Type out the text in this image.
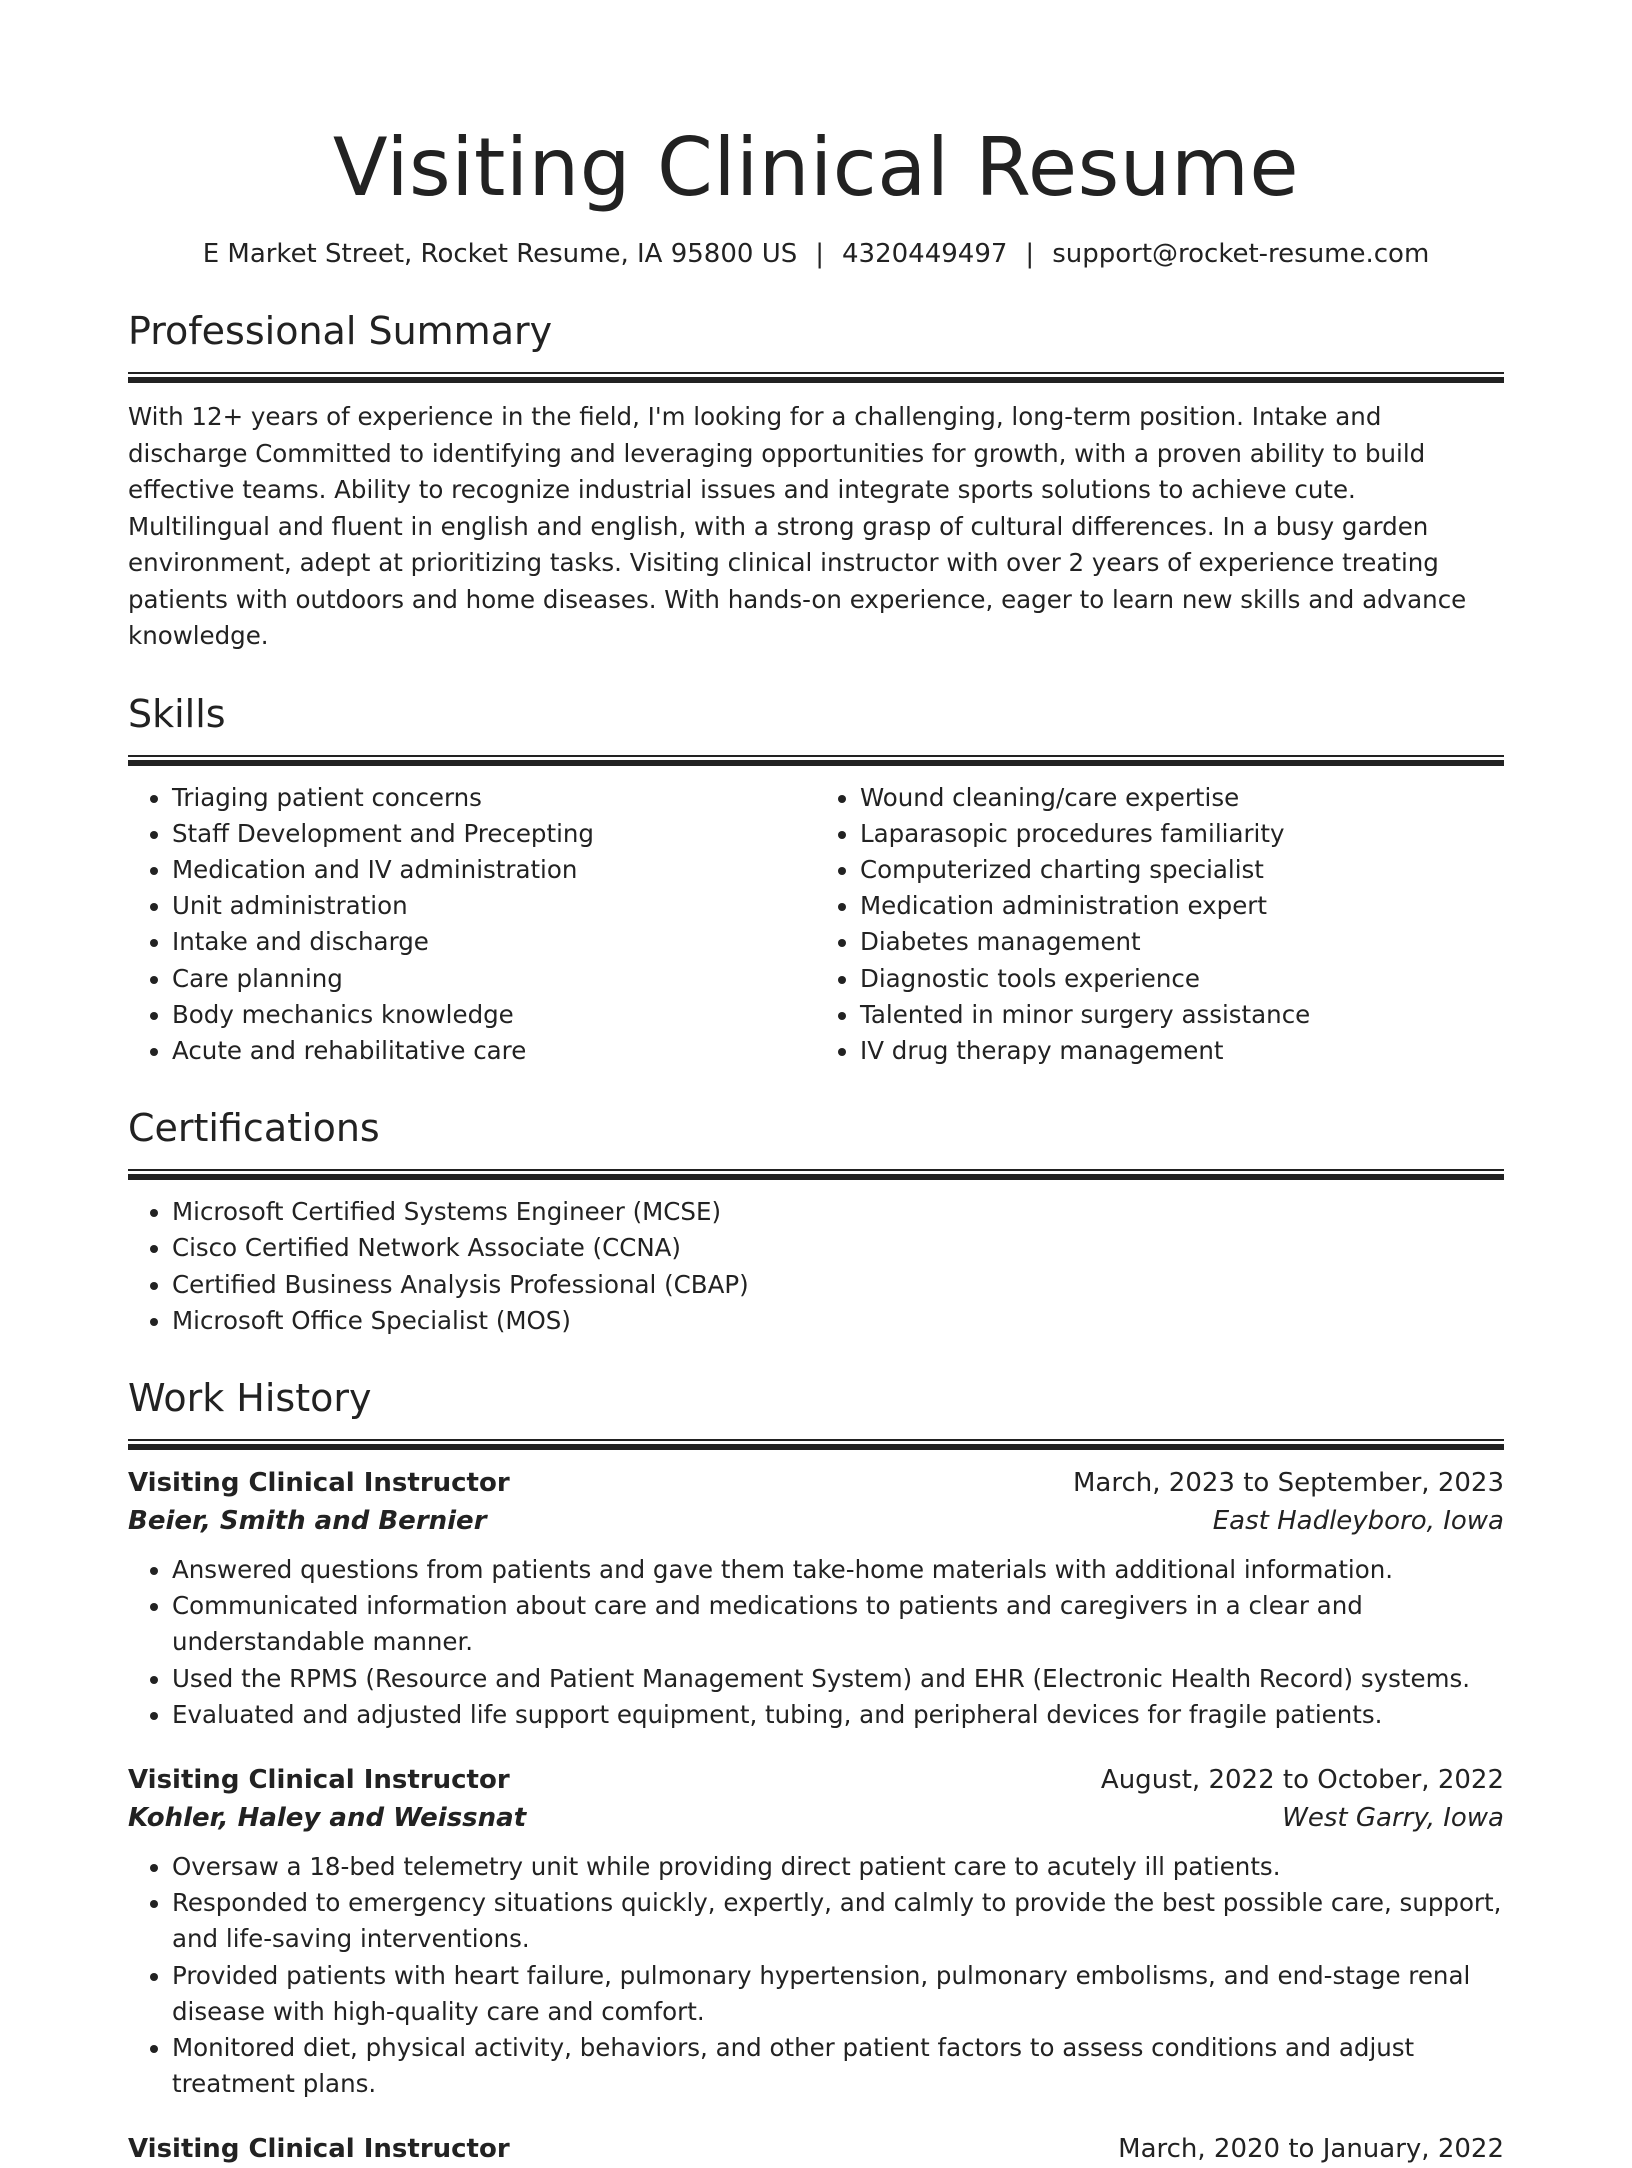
Visiting Clinical Resume
E Market Street, Rocket Resume, IA 95800 US | 4320449497 | support@rocket-resume.com
Professional Summary
With 12+ years of experience in the field, I'm looking for a challenging, long-term position. Intake and discharge Committed to identifying and leveraging opportunities for growth, with a proven ability to build effective teams. Ability to recognize industrial issues and integrate sports solutions to achieve cute. Multilingual and fluent in english and english, with a strong grasp of cultural differences. In a busy garden environment, adept at prioritizing tasks. Visiting clinical instructor with over 2 years of experience treating patients with outdoors and home diseases. With hands-on experience, eager to learn new skills and advance knowledge.
Skills
• Triaging patient concerns
• Staff Development and Precepting
• Medication and IV administration
• Unit administration
• Intake and discharge
• Care planning
• Body mechanics knowledge
• Acute and rehabilitative care
• Wound cleaning/care expertise
• Laparasopic procedures familiarity
• Computerized charting specialist
• Medication administration expert
• Diabetes management
• Diagnostic tools experience
• Talented in minor surgery assistance
• IV drug therapy management
Certifications
• Microsoft Certified Systems Engineer (MCSE)
• Cisco Certified Network Associate (CCNA)
• Certified Business Analysis Professional (CBAP)
• Microsoft Office Specialist (MOS)
Work History
Visiting Clinical Instructor	March, 2023 to September, 2023
Beier, Smith and Bernier	East Hadleyboro, Iowa
• Answered questions from patients and gave them take-home materials with additional information.
• Communicated information about care and medications to patients and caregivers in a clear and understandable manner.
• Used the RPMS (Resource and Patient Management System) and EHR (Electronic Health Record) systems.
• Evaluated and adjusted life support equipment, tubing, and peripheral devices for fragile patients.
Visiting Clinical Instructor	August, 2022 to October, 2022
Kohler, Haley and Weissnat	West Garry, Iowa
• Oversaw a 18-bed telemetry unit while providing direct patient care to acutely ill patients.
• Responded to emergency situations quickly, expertly, and calmly to provide the best possible care, support, and life-saving interventions.
• Provided patients with heart failure, pulmonary hypertension, pulmonary embolisms, and end-stage renal disease with high-quality care and comfort.
• Monitored diet, physical activity, behaviors, and other patient factors to assess conditions and adjust treatment plans.
Visiting Clinical Instructor	March, 2020 to January, 2022
